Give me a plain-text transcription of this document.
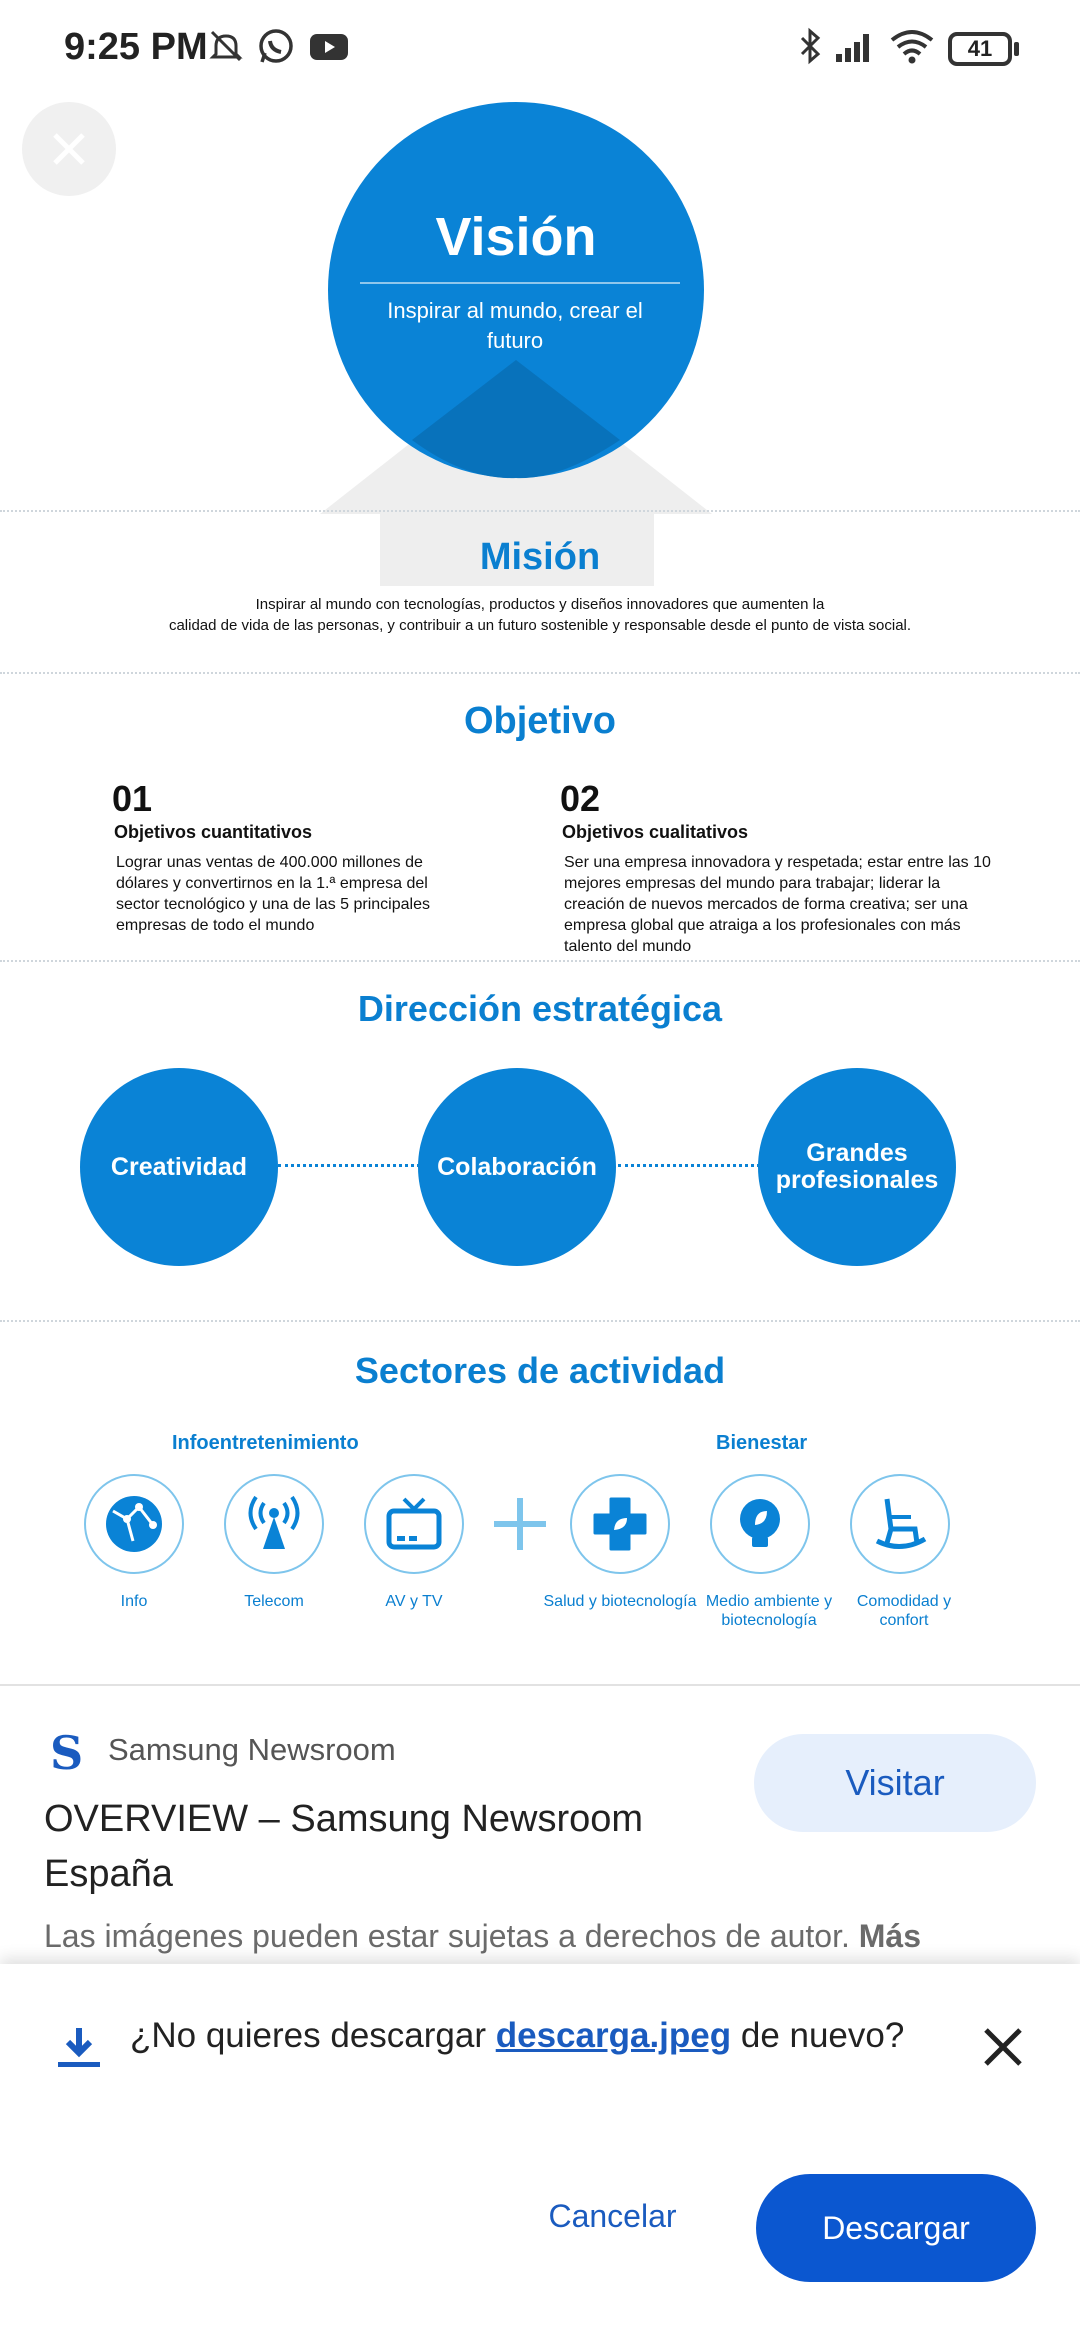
9:25 PM	41
Visión
Inspirar al mundo, crear el futuro
Misión
Inspirar al mundo con tecnologías, productos y diseños innovadores que aumenten la
calidad de vida de las personas, y contribuir a un futuro sostenible y responsable desde el punto de vista social.
Objetivo
01
Objetivos cuantitativos
Lograr unas ventas de 400.000 millones de dólares y convertirnos en la 1.ª empresa del sector tecnológico y una de las 5 principales empresas de todo el mundo
02
Objetivos cualitativos
Ser una empresa innovadora y respetada; estar entre las 10 mejores empresas del mundo para trabajar; liderar la creación de nuevos mercados de forma creativa; ser una empresa global que atraiga a los profesionales con más talento del mundo
Dirección estratégica
Creatividad	Colaboración	Grandes profesionales
Sectores de actividad
Infoentretenimiento	Bienestar
Info	Telecom	AV y TV	Salud y biotecnología Medio ambiente y biotecnología
Comodidad y confort
S Samsung Newsroom
Visitar
OVERVIEW – Samsung Newsroom España
Las imágenes pueden estar sujetas a derechos de autor. Más
¿No quieres descargar descarga.jpeg de nuevo?
Cancelar	Descargar
